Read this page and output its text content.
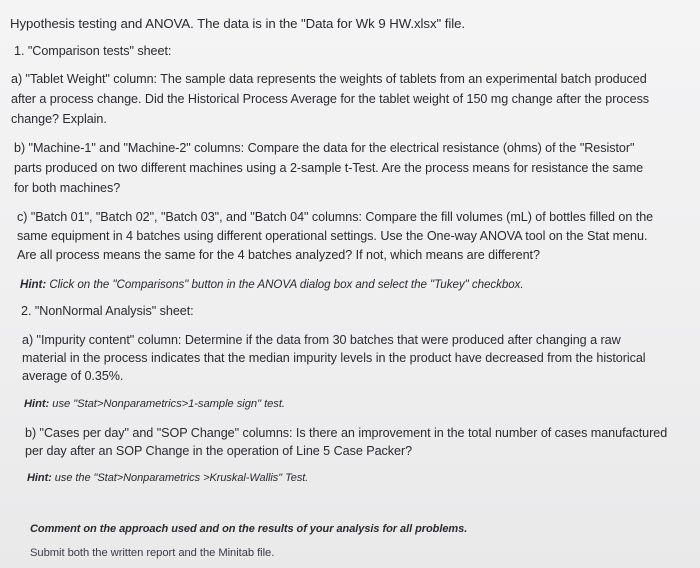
Hypothesis testing and ANOVA. The data is in the "Data for Wk 9 HW.xlsx" file.
1. "Comparison tests" sheet:
a) "Tablet Weight" column: The sample data represents the weights of tablets from an experimental batch produced
after a process change. Did the Historical Process Average for the tablet weight of 150 mg change after the process
change? Explain.
b) "Machine-1" and "Machine-2" columns: Compare the data for the electrical resistance (ohms) of the "Resistor"
parts produced on two different machines using a 2-sample t-Test. Are the process means for resistance the same
for both machines?
c) "Batch 01", "Batch 02", "Batch 03", and "Batch 04" columns: Compare the fill volumes (mL) of bottles filled on the
same equipment in 4 batches using different operational settings. Use the One-way ANOVA tool on the Stat menu.
Are all process means the same for the 4 batches analyzed? If not, which means are different?
Hint: Click on the "Comparisons" button in the ANOVA dialog box and select the "Tukey" checkbox.
2. "NonNormal Analysis" sheet:
a) "Impurity content" column: Determine if the data from 30 batches that were produced after changing a raw
material in the process indicates that the median impurity levels in the product have decreased from the historical
average of 0.35%.
Hint: use "Stat>Nonparametrics>1-sample sign" test.
b) "Cases per day" and "SOP Change" columns: Is there an improvement in the total number of cases manufactured
per day after an SOP Change in the operation of Line 5 Case Packer?
Hint: use the "Stat>Nonparametrics >Kruskal-Wallis" Test.
Comment on the approach used and on the results of your analysis for all problems.
Submit both the written report and the Minitab file.
